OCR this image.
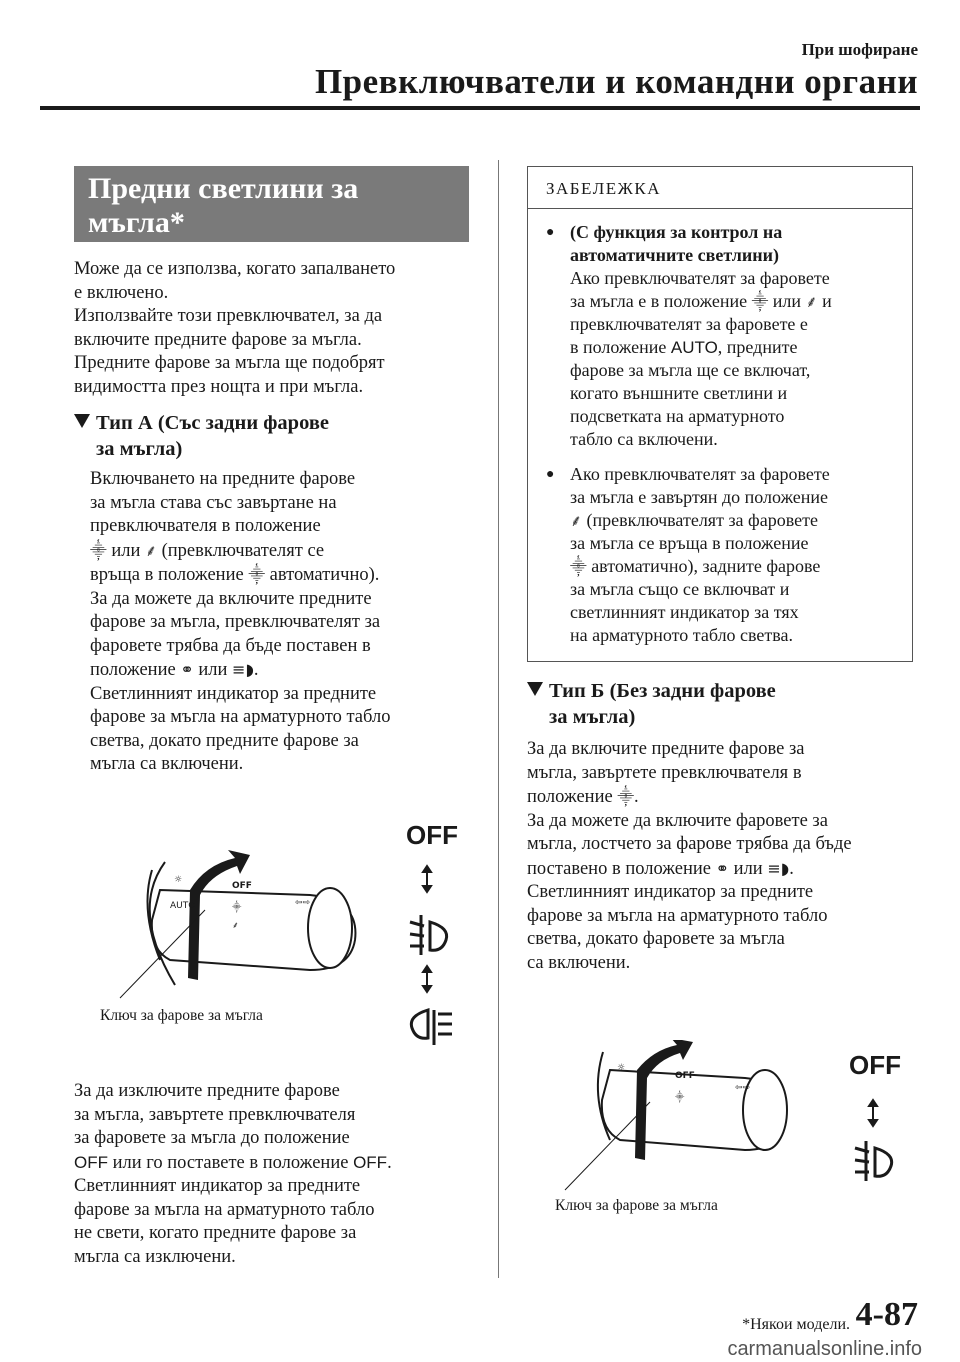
При шофиране
Превключватели и командни органи
Предни светлини за
мъгла*

Може да се използва, когато запалването

е включено.

Използвайте този превключвател, за да

включите предните фарове за мъгла.

Предните фарове за мъгла ще подобрят

видимостта през нощта и при мъгла.

Тип А (Със задни фарове
за мъгла)

Включването на предните фарове

за мъгла става със завъртане на

превключвателя в положение

⸎ или ⸙ (превключвателят се

връща в положение ⸎ автоматично).

За да можете да включите предните

фарове за мъгла, превключвателят за

фаровете трябва да бъде поставен в

положение ⚭ или ≡◗.

Светлинният индикатор за предните

фарове за мъгла на арматурното табло

светва, докато предните фарове за

мъгла са включени.

☼
OFF
⸎
⸙
⇦⇨
AUTO
Ключ за фарове за мъгла
OFF

За да изключите предните фарове

за мъгла, завъртете превключвателя

за фаровете за мъгла до положение

OFF или го поставете в положение OFF.

Светлинният индикатор за предните

фарове за мъгла на арматурното табло

не свети, когато предните фарове за

мъгла са изключени.

ЗАБЕЛЕЖКА
● (С функция за контрол на
автоматичните светлини)
Ако превключвателят за фаровете
за мъгла е в положение ⸎ или ⸙ и
превключвателят за фаровете е
в положение AUTO, предните
фарове за мъгла ще се включат,
когато външните светлини и
подсветката на арматурното
табло са включени.
● Ако превключвателят за фаровете
за мъгла е завъртян до положение
⸙ (превключвателят за фаровете
за мъгла се връща в положение
⸎ автоматично), задните фарове
за мъгла също се включват и
светлинният индикатор за тях
на арматурното табло светва.
Тип Б (Без задни фарове
за мъгла)

За да включите предните фарове за

мъгла, завъртете превключвателя в

положение ⸎.

За да можете да включите фаровете за

мъгла, лостчето за фарове трябва да бъде

поставено в положение ⚭ или ≡◗.

Светлинният индикатор за предните

фарове за мъгла на арматурното табло

светва, докато фаровете за мъгла

са включени.

☼
OFF
⸎
⇦⇨
Ключ за фарове за мъгла
OFF
*Някои модели. 4-87
carmanualsonline.info
